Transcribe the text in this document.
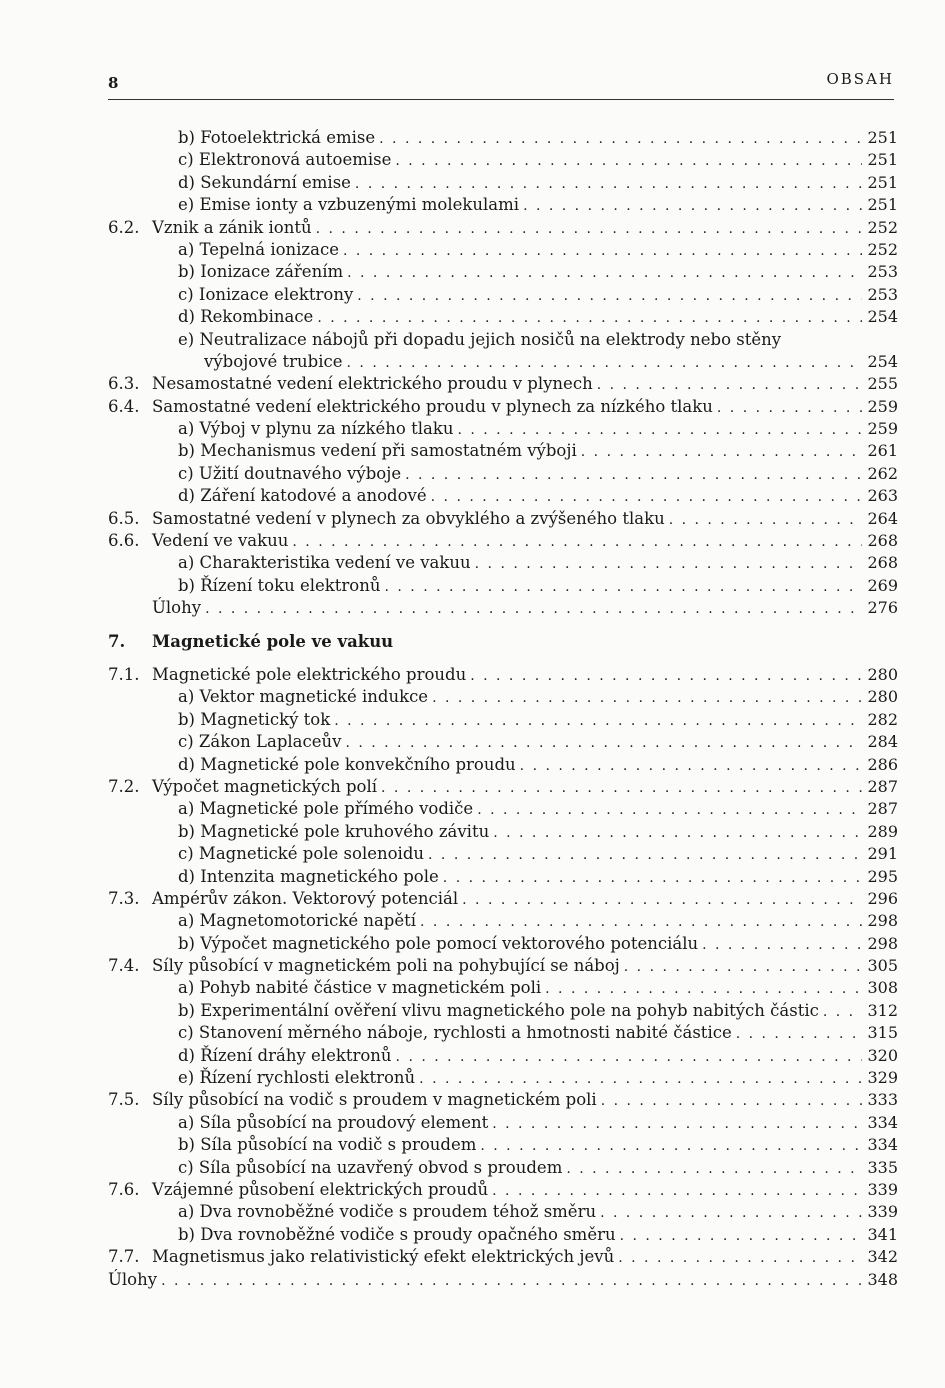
8	OBSAH
b) Fotoelektrická emise . . .	251
c) Elektronová autoemise . . .	251
d) Sekundární emise . . .	251
e) Emise ionty a vzbuzenými molekulami . . .	251
6.2. Vznik a zánik iontů . . .	252
a) Tepelná ionizace . . .	252
b) Ionizace zářením . . .	253
c) Ionizace elektrony . . .	253
d) Rekombinace . . .	254
e) Neutralizace nábojů při dopadu jejich nosičů na elektrody nebo stěny
výbojové trubice . . .	254
6.3. Nesamostatné vedení elektrického proudu v plynech . . .	255
6.4. Samostatné vedení elektrického proudu v plynech za nízkého tlaku . . .	259
a) Výboj v plynu za nízkého tlaku . . .	259
b) Mechanismus vedení při samostatném výboji . . .	261
c) Užití doutnavého výboje . . .	262
d) Záření katodové a anodové . . .	263
6.5. Samostatné vedení v plynech za obvyklého a zvýšeného tlaku . . .	264
6.6. Vedení ve vakuu . . .	268
a) Charakteristika vedení ve vakuu . . .	268
b) Řízení toku elektronů . . .	269
Úlohy . . .	276
7. Magnetické pole ve vakuu
7.1. Magnetické pole elektrického proudu . . .	280
a) Vektor magnetické indukce . . .	280
b) Magnetický tok . . .	282
c) Zákon Laplaceův . . .	284
d) Magnetické pole konvekčního proudu . . .	286
7.2. Výpočet magnetických polí . . .	287
a) Magnetické pole přímého vodiče . . .	287
b) Magnetické pole kruhového závitu . . .	289
c) Magnetické pole solenoidu . . .	291
d) Intenzita magnetického pole . . .	295
7.3. Ampérův zákon. Vektorový potenciál . . .	296
a) Magnetomotorické napětí . . .	298
b) Výpočet magnetického pole pomocí vektorového potenciálu . . .	298
7.4. Síly působící v magnetickém poli na pohybující se náboj . . .	305
a) Pohyb nabité částice v magnetickém poli . . .	308
b) Experimentální ověření vlivu magnetického pole na pohyb nabitých částic . . .	312
c) Stanovení měrného náboje, rychlosti a hmotnosti nabité částice . . .	315
d) Řízení dráhy elektronů . . .	320
e) Řízení rychlosti elektronů . . .	329
7.5. Síly působící na vodič s proudem v magnetickém poli . . .	333
a) Síla působící na proudový element . . .	334
b) Síla působící na vodič s proudem . . .	334
c) Síla působící na uzavřený obvod s proudem . . .	335
7.6. Vzájemné působení elektrických proudů . . .	339
a) Dva rovnoběžné vodiče s proudem téhož směru . . .	339
b) Dva rovnoběžné vodiče s proudy opačného směru . . .	341
7.7. Magnetismus jako relativistický efekt elektrických jevů . . .	342
Úlohy . . .	348
